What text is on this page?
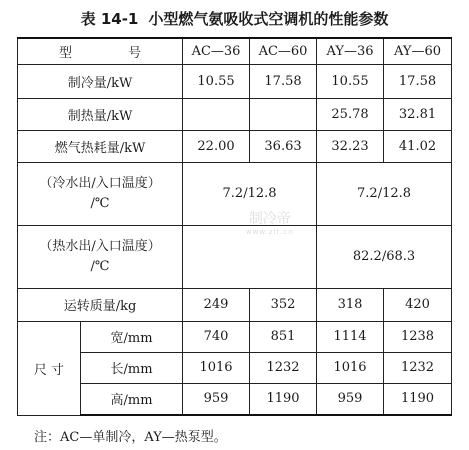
表 14-1 小型燃气氨吸收式空调机的性能参数
型 号		AC—36	AC—60	AY—36	AY—60
制冷量/kW		10.55	17.58	10.55	17.58
制热量/kW				25.78	32.81
燃气热耗量/kW		22.00	36.63	32.23	41.02

（冷水出/入口温度）
/℃		7.2/12.8		7.2/12.8	

（热水出/入口温度）
/℃				82.2/68.3	
运转质量/kg		249	352	318	420
尺 寸	宽/mm	740	851	1114	1238
	长/mm	1016	1232	1016	1232
	高/mm	959	1190	959	1190
制冷帝
www.zlt.cn
注：AC—单制冷，AY—热泵型。
